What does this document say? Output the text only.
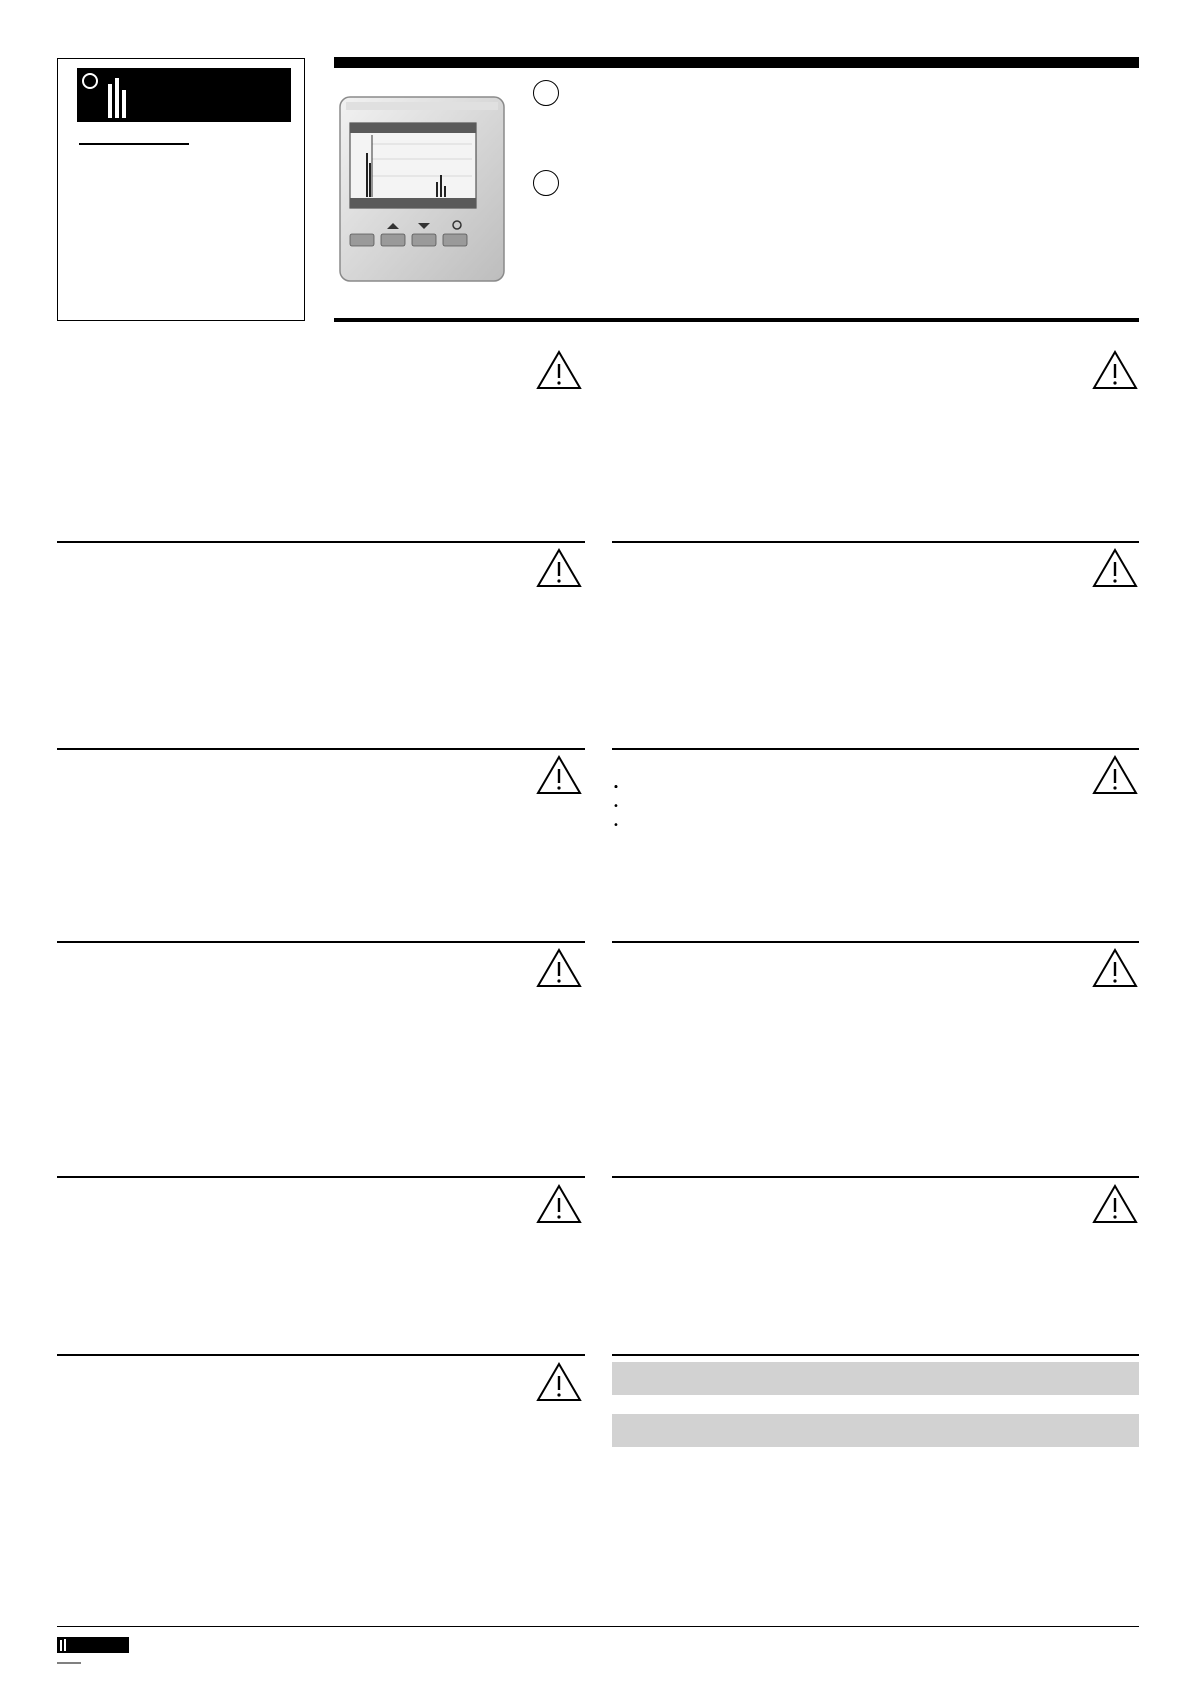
•

•
